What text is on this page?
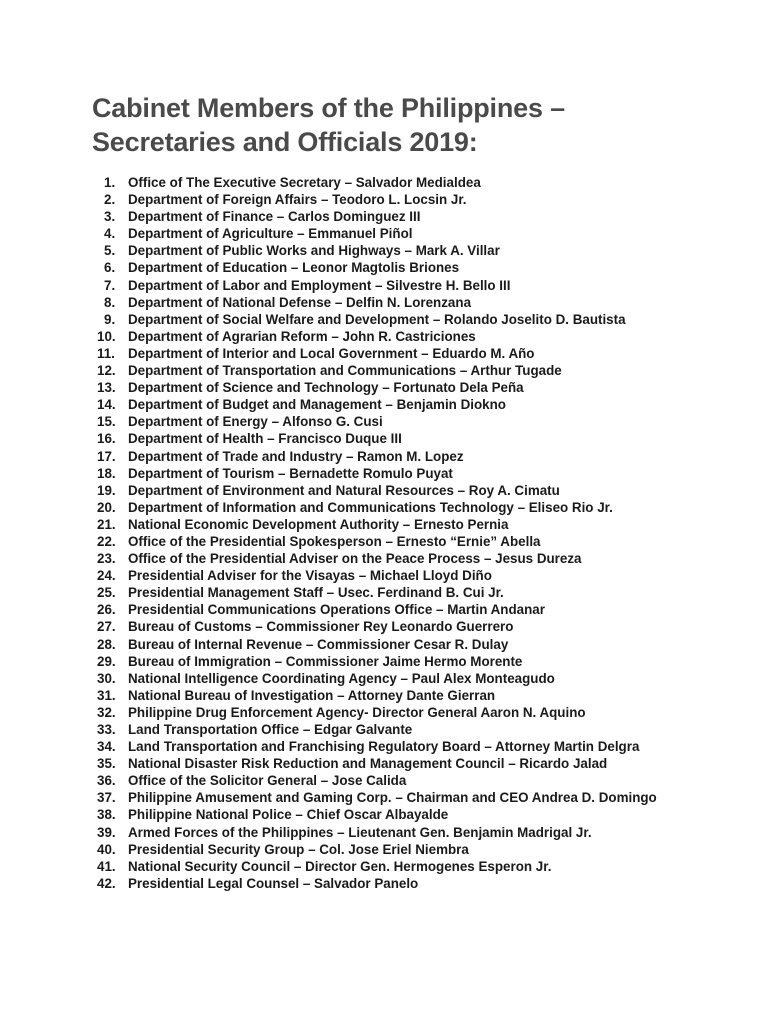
Cabinet Members of the Philippines –
Secretaries and Officials 2019:
1. Office of The Executive Secretary – Salvador Medialdea
2. Department of Foreign Affairs – Teodoro L. Locsin Jr.
3. Department of Finance – Carlos Dominguez III
4. Department of Agriculture – Emmanuel Piñol
5. Department of Public Works and Highways – Mark A. Villar
6. Department of Education – Leonor Magtolis Briones
7. Department of Labor and Employment – Silvestre H. Bello III
8. Department of National Defense – Delfin N. Lorenzana
9. Department of Social Welfare and Development – Rolando Joselito D. Bautista
10. Department of Agrarian Reform – John R. Castriciones
11. Department of Interior and Local Government – Eduardo M. Año
12. Department of Transportation and Communications – Arthur Tugade
13. Department of Science and Technology – Fortunato Dela Peña
14. Department of Budget and Management – Benjamin Diokno
15. Department of Energy – Alfonso G. Cusi
16. Department of Health – Francisco Duque III
17. Department of Trade and Industry – Ramon M. Lopez
18. Department of Tourism – Bernadette Romulo Puyat
19. Department of Environment and Natural Resources – Roy A. Cimatu
20. Department of Information and Communications Technology – Eliseo Rio Jr.
21. National Economic Development Authority – Ernesto Pernia
22. Office of the Presidential Spokesperson – Ernesto “Ernie” Abella
23. Office of the Presidential Adviser on the Peace Process – Jesus Dureza
24. Presidential Adviser for the Visayas – Michael Lloyd Diño
25. Presidential Management Staff – Usec. Ferdinand B. Cui Jr.
26. Presidential Communications Operations Office – Martin Andanar
27. Bureau of Customs – Commissioner Rey Leonardo Guerrero
28. Bureau of Internal Revenue – Commissioner Cesar R. Dulay
29. Bureau of Immigration – Commissioner Jaime Hermo Morente
30. National Intelligence Coordinating Agency – Paul Alex Monteagudo
31. National Bureau of Investigation – Attorney Dante Gierran
32. Philippine Drug Enforcement Agency- Director General Aaron N. Aquino
33. Land Transportation Office – Edgar Galvante
34. Land Transportation and Franchising Regulatory Board – Attorney Martin Delgra
35. National Disaster Risk Reduction and Management Council – Ricardo Jalad
36. Office of the Solicitor General – Jose Calida
37. Philippine Amusement and Gaming Corp. – Chairman and CEO Andrea D. Domingo
38. Philippine National Police – Chief Oscar Albayalde
39. Armed Forces of the Philippines – Lieutenant Gen. Benjamin Madrigal Jr.
40. Presidential Security Group – Col. Jose Eriel Niembra
41. National Security Council – Director Gen. Hermogenes Esperon Jr.
42. Presidential Legal Counsel – Salvador Panelo
